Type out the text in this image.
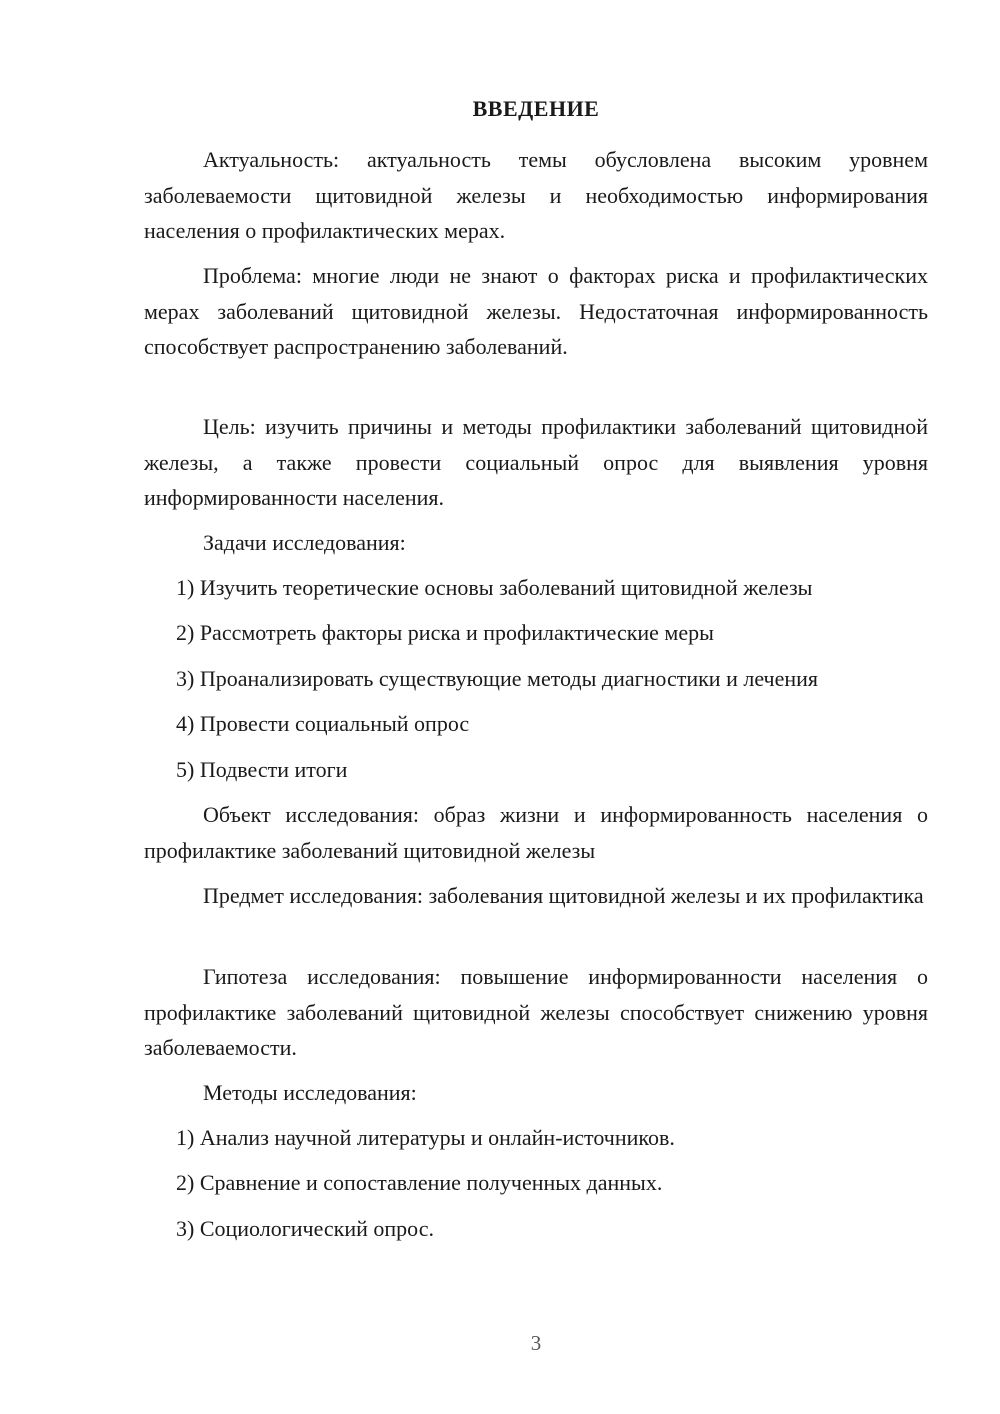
ВВЕДЕНИЕ

Актуальность: актуальность темы обусловлена высоким уровнем заболеваемости щитовидной железы и необходимостью информирования населения о профилактических мерах.

Проблема: многие люди не знают о факторах риска и профилактических мерах заболеваний щитовидной железы. Недостаточная информированность способствует распространению заболеваний.

Цель: изучить причины и методы профилактики заболеваний щитовидной железы, а также провести социальный опрос для выявления уровня информированности населения.

Задачи исследования:
1) Изучить теоретические основы заболеваний щитовидной железы
2) Рассмотреть факторы риска и профилактические меры
3) Проанализировать существующие методы диагностики и лечения
4) Провести социальный опрос
5) Подвести итоги

Объект исследования: образ жизни и информированность населения о профилактике заболеваний щитовидной железы

Предмет исследования: заболевания щитовидной железы и их профилактика

Гипотеза исследования: повышение информированности населения о профилактике заболеваний щитовидной железы способствует снижению уровня заболеваемости.

Методы исследования:
1) Анализ научной литературы и онлайн-источников.
2) Сравнение и сопоставление полученных данных.
3) Социологический опрос.
3
